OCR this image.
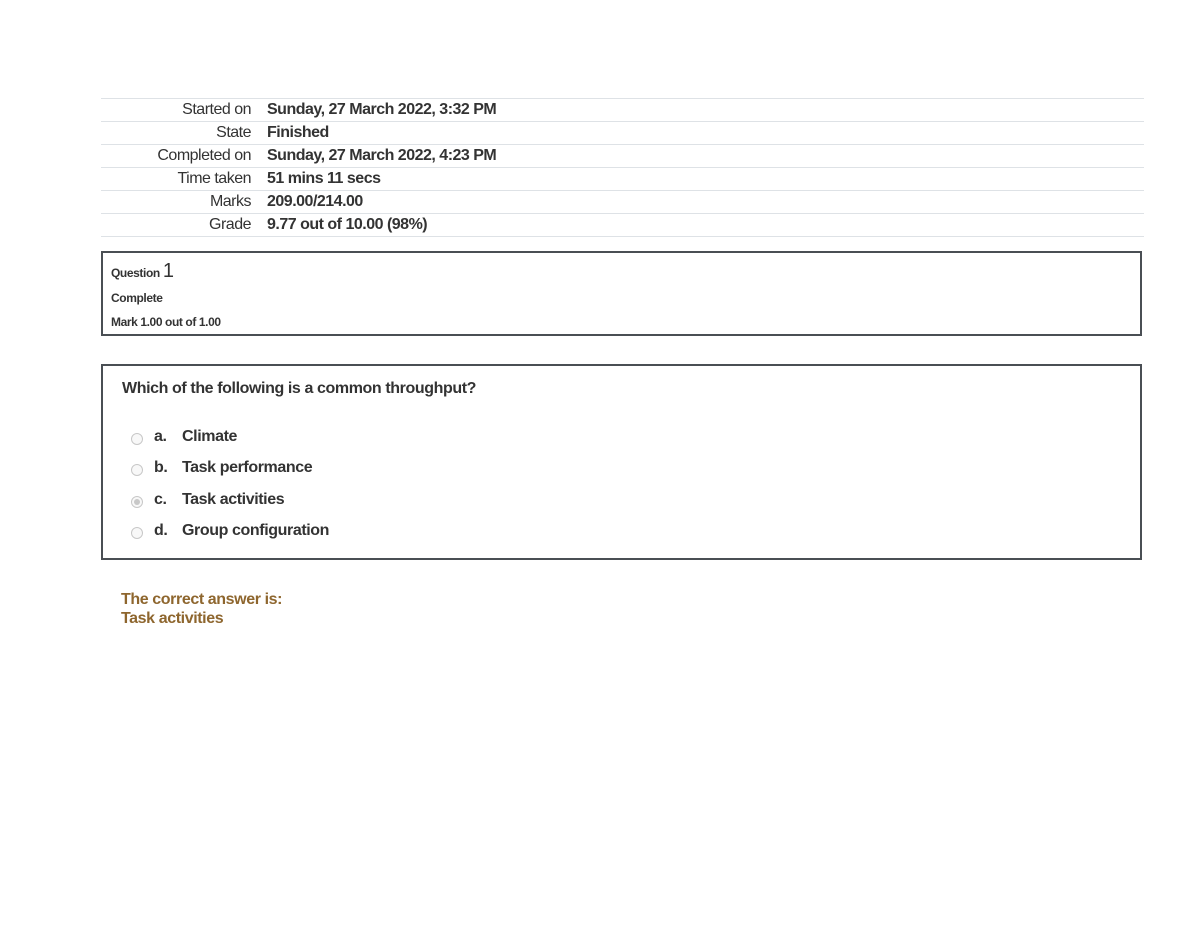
Started on	Sunday, 27 March 2022, 3:32 PM
State	Finished
Completed on	Sunday, 27 March 2022, 4:23 PM
Time taken	51 mins 11 secs
Marks	209.00/214.00
Grade	9.77 out of 10.00 (98%)
Question 1
Complete
Mark 1.00 out of 1.00
Which of the following is a common throughput?
a. Climate
b. Task performance
c. Task activities
d. Group configuration
The correct answer is:
Task activities
